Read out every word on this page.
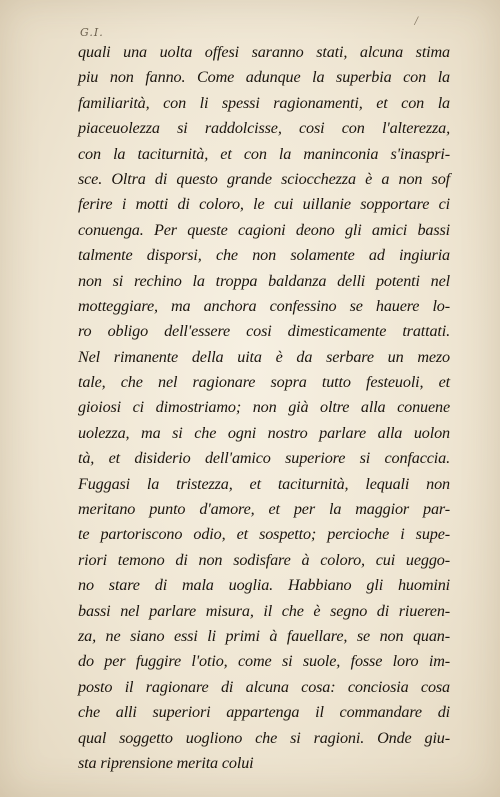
G.I.
/
quali una uolta offesi saranno stati, alcuna stima
piu non fanno. Come adunque la superbia con la
familiarità, con li spessi ragionamenti, et con la
piaceuolezza si raddolcisse, cosi con l'alterezza,
con la taciturnità, et con la maninconia s'inaspri-
sce. Oltra di questo grande sciocchezza è a non sof
ferire i motti di coloro, le cui uillanie sopportare ci
conuenga. Per queste cagioni deono gli amici bassi
talmente disporsi, che non solamente ad ingiuria
non si rechino la troppa baldanza delli potenti nel
motteggiare, ma anchora confessino se hauere lo-
ro obligo dell'essere cosi dimesticamente trattati.
Nel rimanente della uita è da serbare un mezo
tale, che nel ragionare sopra tutto festeuoli, et
gioiosi ci dimostriamo; non già oltre alla conuene
uolezza, ma si che ogni nostro parlare alla uolon
tà, et disiderio dell'amico superiore si confaccia.
Fuggasi la tristezza, et taciturnità, lequali non
meritano punto d'amore, et per la maggior par-
te partoriscono odio, et sospetto; percioche i supe-
riori temono di non sodisfare à coloro, cui ueggo-
no stare di mala uoglia. Habbiano gli huomini
bassi nel parlare misura, il che è segno di riueren-
za, ne siano essi li primi à fauellare, se non quan-
do per fuggire l'otio, come si suole, fosse loro im-
posto il ragionare di alcuna cosa: conciosia cosa
che alli superiori appartenga il commandare di
qual soggetto uogliono che si ragioni. Onde giu-
sta riprensione merita colui
